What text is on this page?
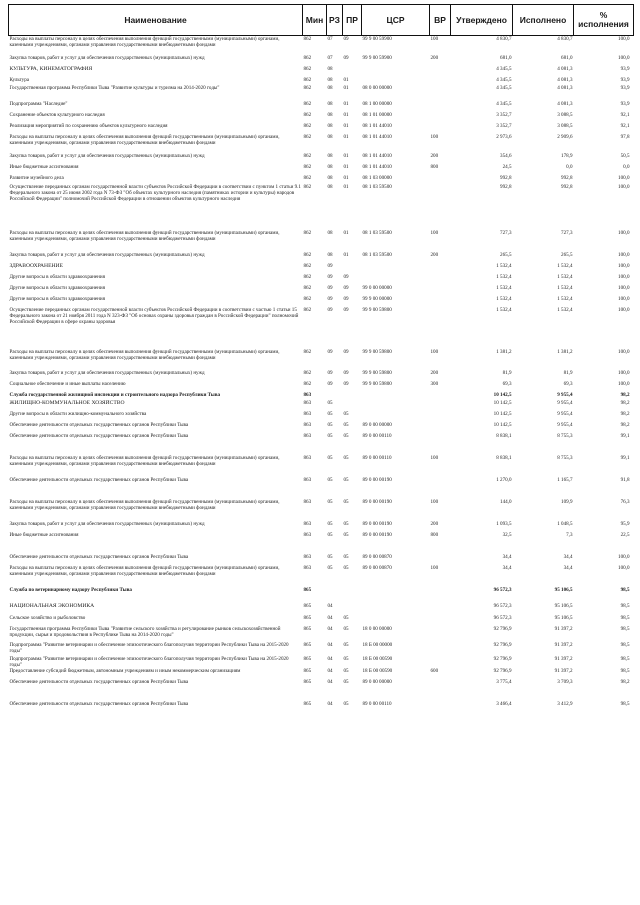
Наименование	Мин	РЗ	ПР	ЦСР	ВР	Утверждено	Исполнено	% исполнения
Расходы на выплаты персоналу в целях обеспечения выполнения функций государственными (муниципальными) органами, казенными учреждениями, органами управления государственными внебюджетными фондами	862	07	09	99 9 00 59900	100	4 830,7	4 830,7	100,0
Закупка товаров, работ и услуг для обеспечения государственных (муниципальных) нужд	862	07	09	99 9 00 59900	200	681,0	681,0	100,0
КУЛЬТУРА, КИНЕМАТОГРАФИЯ	862	08				4 345,5	4 081,3	93,9
Культура	862	08	01			4 345,5	4 081,3	93,9
Государственная программа Республики Тыва "Развитие культуры и туризма на 2014-2020 годы"	862	08	01	08 0 00 00000		4 345,5	4 081,3	93,9
Подпрограмма "Наследие"	862	08	01	08 1 00 00000		4 345,5	4 081,3	93,9
Сохранение объектов культурного наследия	862	08	01	08 1 01 00000		3 352,7	3 088,5	92,1
Реализация мероприятий по сохранению объектов культурного наследия	862	08	01	08 1 01 44010		3 352,7	3 088,5	92,1
Расходы на выплаты персоналу в целях обеспечения выполнения функций государственными (муниципальными) органами, казенными учреждениями, органами управления государственными внебюджетными фондами	862	08	01	08 1 01 44010	100	2 973,6	2 909,6	97,8
Закупка товаров, работ и услуг для обеспечения государственных (муниципальных) нужд	862	08	01	08 1 01 44010	200	354,6	178,9	50,5
Иные бюджетные ассигнования	862	08	01	08 1 01 44010	800	24,5	0,0	0,0
Развитие музейного дела	862	08	01	08 1 03 00000		992,8	992,8	100,0
Осуществление переданных органам государственной власти субъектов Российской Федерации в соответствии с пунктом 1 статьи 9.1 Федерального закона от 25 июня 2002 года N 73-ФЗ "Об объектах культурного наследия (памятниках истории и культуры) народов Российской Федерации" полномочий Российской Федерации в отношении объектов культурного наследия	862	08	01	08 1 03 59500		992,8	992,8	100,0
Расходы на выплаты персоналу в целях обеспечения выполнения функций государственными (муниципальными) органами, казенными учреждениями, органами управления государственными внебюджетными фондами	862	08	01	08 1 03 59500	100	727,3	727,3	100,0
Закупка товаров, работ и услуг для обеспечения государственных (муниципальных) нужд	862	08	01	08 1 03 59500	200	265,5	265,5	100,0
ЗДРАВООХРАНЕНИЕ	862	09				1 532,4	1 532,4	100,0
Другие вопросы в области здравоохранения	862	09	09			1 532,4	1 532,4	100,0
Другие вопросы в области здравоохранения	862	09	09	99 0 00 00000		1 532,4	1 532,4	100,0
Другие вопросы в области здравоохранения	862	09	09	99 9 00 00000		1 532,4	1 532,4	100,0
Осуществление переданных органам государственной власти субъектов Российской Федерации в соответствии с частью 1 статьи 15 Федерального закона от 21 ноября 2011 года N 323-ФЗ "Об основах охраны здоровья граждан в Российской Федерации" полномочий Российской Федерации в сфере охраны здоровья	862	09	09	99 9 00 59800		1 532,4	1 532,4	100,0
Расходы на выплаты персоналу в целях обеспечения выполнения функций государственными (муниципальными) органами, казенными учреждениями, органами управления государственными внебюджетными фондами	862	09	09	99 9 00 59800	100	1 381,2	1 381,2	100,0
Закупка товаров, работ и услуг для обеспечения государственных (муниципальных) нужд	862	09	09	99 9 00 59800	200	81,9	81,9	100,0
Социальное обеспечение и иные выплаты населению	862	09	09	99 9 00 59800	300	69,3	69,3	100,0
Служба государственной жилищной инспекции и строительного надзора Республики Тыва	863					10 142,5	9 955,4	98,2
ЖИЛИЩНО-КОММУНАЛЬНОЕ ХОЗЯЙСТВО	863	05				10 142,5	9 955,4	98,2
Другие вопросы в области жилищно-коммунального хозяйства	863	05	05			10 142,5	9 955,4	98,2
Обеспечение деятельности отдельных государственных органов Республики Тыва	863	05	05	89 0 00 00000		10 142,5	9 955,4	98,2
Обеспечение деятельности отдельных государственных органов Республики Тыва	863	05	05	89 0 00 00110		8 838,1	8 755,3	99,1
Расходы на выплаты персоналу в целях обеспечения выполнения функций государственными (муниципальными) органами, казенными учреждениями, органами управления государственными внебюджетными фондами	863	05	05	89 0 00 00110	100	8 838,1	8 755,3	99,1
Обеспечение деятельности отдельных государственных органов Республики Тыва	863	05	05	89 0 00 00190		1 270,0	1 165,7	91,8
Расходы на выплаты персоналу в целях обеспечения выполнения функций государственными (муниципальными) органами, казенными учреждениями, органами управления государственными внебюджетными фондами	863	05	05	89 0 00 00190	100	144,0	109,9	76,3
Закупка товаров, работ и услуг для обеспечения государственных (муниципальных) нужд	863	05	05	89 0 00 00190	200	1 093,5	1 048,5	95,9
Иные бюджетные ассигнования	863	05	05	89 0 00 00190	800	32,5	7,3	22,5
Обеспечение деятельности отдельных государственных органов Республики Тыва	863	05	05	89 0 00 00870		34,4	34,4	100,0
Расходы на выплаты персоналу в целях обеспечения выполнения функций государственными (муниципальными) органами, казенными учреждениями, органами управления государственными внебюджетными фондами	863	05	05	89 0 00 00870	100	34,4	34,4	100,0
Служба по ветеринарному надзору Республики Тыва	865					96 572,3	95 106,5	98,5
НАЦИОНАЛЬНАЯ ЭКОНОМИКА	865	04				96 572,3	95 106,5	98,5
Сельское хозяйство и рыболовство	865	04	05			96 572,3	95 106,5	98,5
Государственная программа Республики Тыва "Развитие сельского хозяйства и регулирование рынков сельскохозяйственной продукции, сырья и продовольствия в Республике Тыва на 2014-2020 годы"	865	04	05	18 0 00 00000		92 796,9	91 397,2	98,5
Подпрограмма "Развитие ветеринарии и обеспечение эпизоотического благополучия территории Республики Тыва на 2015-2020 годы"	865	04	05	18 Б 00 00000		92 796,9	91 397,2	98,5
Подпрограмма "Развитие ветеринарии и обеспечение эпизоотического благополучия территории Республики Тыва на 2015-2020 годы"	865	04	05	18 Б 00 00590		92 796,9	91 397,2	98,5
Предоставление субсидий бюджетным, автономным учреждениям и иным некоммерческим организациям	865	04	05	18 Б 00 00590	600	92 796,9	91 397,2	98,5
Обеспечение деятельности отдельных государственных органов Республики Тыва	865	04	05	89 0 00 00000		3 775,4	3 709,3	98,2
Обеспечение деятельности отдельных государственных органов Республики Тыва	865	04	05	89 0 00 00110		3 466,4	3 412,9	98,5
